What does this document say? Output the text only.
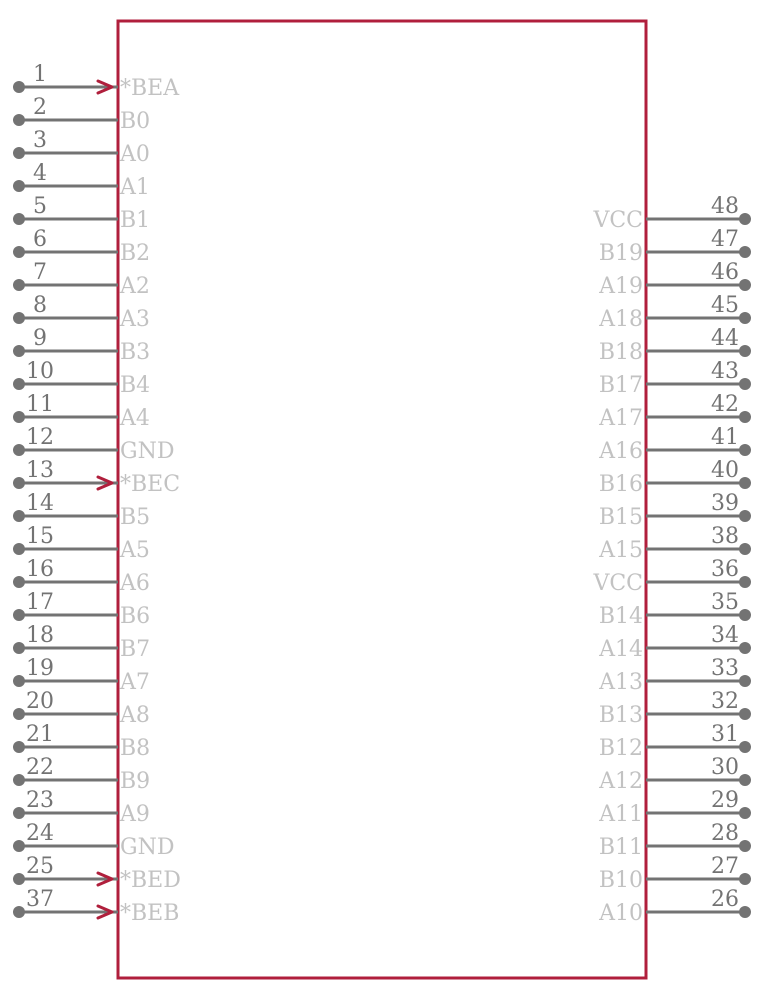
1
*BEA
2
B0
3
A0
4
A1
5
B1
6
B2
7
A2
8
A3
9
B3
10
B4
11
A4
12
GND
13
*BEC
14
B5
15
A5
16
A6
17
B6
18
B7
19
A7
20
A8
21
B8
22
B9
23
A9
24
GND
25
*BED
37
*BEB
48
VCC
47
B19
46
A19
45
A18
44
B18
43
B17
42
A17
41
A16
40
B16
39
B15
38
A15
36
VCC
35
B14
34
A14
33
A13
32
B13
31
B12
30
A12
29
A11
28
B11
27
B10
26
A10
